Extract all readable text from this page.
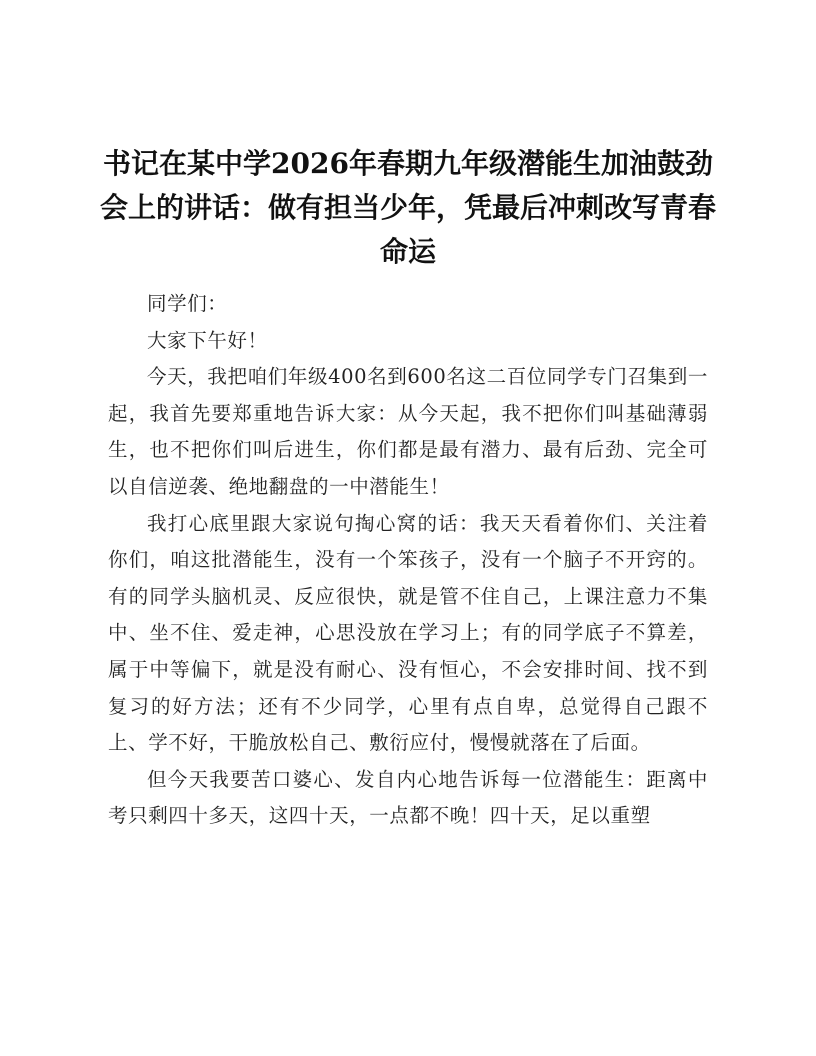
书记在某中学2026年春期九年级潜能生加油鼓劲会上的讲话：做有担当少年，凭最后冲刺改写青春命运

同学们：

大家下午好！

今天，我把咱们年级400名到600名这二百位同学专门召集到一起，我首先要郑重地告诉大家：从今天起，我不把你们叫基础薄弱生，也不把你们叫后进生，你们都是最有潜力、最有后劲、完全可以自信逆袭、绝地翻盘的一中潜能生！

我打心底里跟大家说句掏心窝的话：我天天看着你们、关注着你们，咱这批潜能生，没有一个笨孩子，没有一个脑子不开窍的。有的同学头脑机灵、反应很快，就是管不住自己，上课注意力不集中、坐不住、爱走神，心思没放在学习上；有的同学底子不算差，属于中等偏下，就是没有耐心、没有恒心，不会安排时间、找不到复习的好方法；还有不少同学，心里有点自卑，总觉得自己跟不上、学不好，干脆放松自己、敷衍应付，慢慢就落在了后面。

但今天我要苦口婆心、发自内心地告诉每一位潜能生：距离中考只剩四十多天，这四十天，一点都不晚！四十天，足以重塑
